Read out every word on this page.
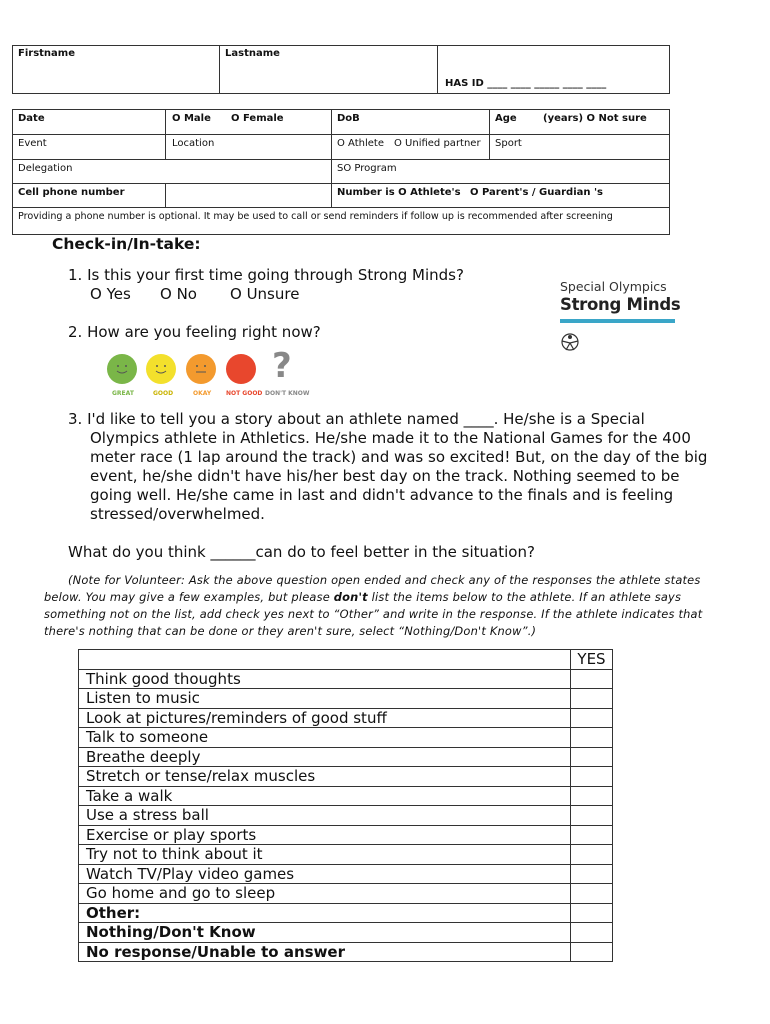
Firstname	Lastname
HAS ID ____ ____ _____ ____ ____
Date	O Male O Female	DoB	Age	(years) O Not sure
Event	Location	O Athlete O Unified partner Sport
Delegation	SO Program
Cell phone number	Number is O Athlete's O Parent's / Guardian 's
Providing a phone number is optional. It may be used to call or send reminders if follow up is recommended after screening
Check-in/In-take:
1. Is this your first time going through Strong Minds?
O Yes O No O Unsure	Special Olympics
Strong Minds
2. How are you feeling right now?
?
GREAT	GOOD	OKAY NOT GOOD DON'T KNOW
3. I'd like to tell you a story about an athlete named ____. He/she is a Special
Olympics athlete in Athletics. He/she made it to the National Games for the 400
meter race (1 lap around the track) and was so excited! But, on the day of the big
event, he/she didn't have his/her best day on the track. Nothing seemed to be
going well. He/she came in last and didn't advance to the finals and is feeling
stressed/overwhelmed.
What do you think ______can do to feel better in the situation?
(Note for Volunteer: Ask the above question open ended and check any of the responses the athlete states below. You may give a few examples, but please don't list the items below to the athlete. If an athlete says something not on the list, add check yes next to “Other” and write in the response. If the athlete indicates that there's nothing that can be done or they aren't sure, select “Nothing/Don't Know”.)
	YES
Think good thoughts	
Listen to music	
Look at pictures/reminders of good stuff	
Talk to someone	
Breathe deeply	
Stretch or tense/relax muscles	
Take a walk	
Use a stress ball	
Exercise or play sports	
Try not to think about it	
Watch TV/Play video games	
Go home and go to sleep	
Other:	
Nothing/Don't Know	
No response/Unable to answer	
